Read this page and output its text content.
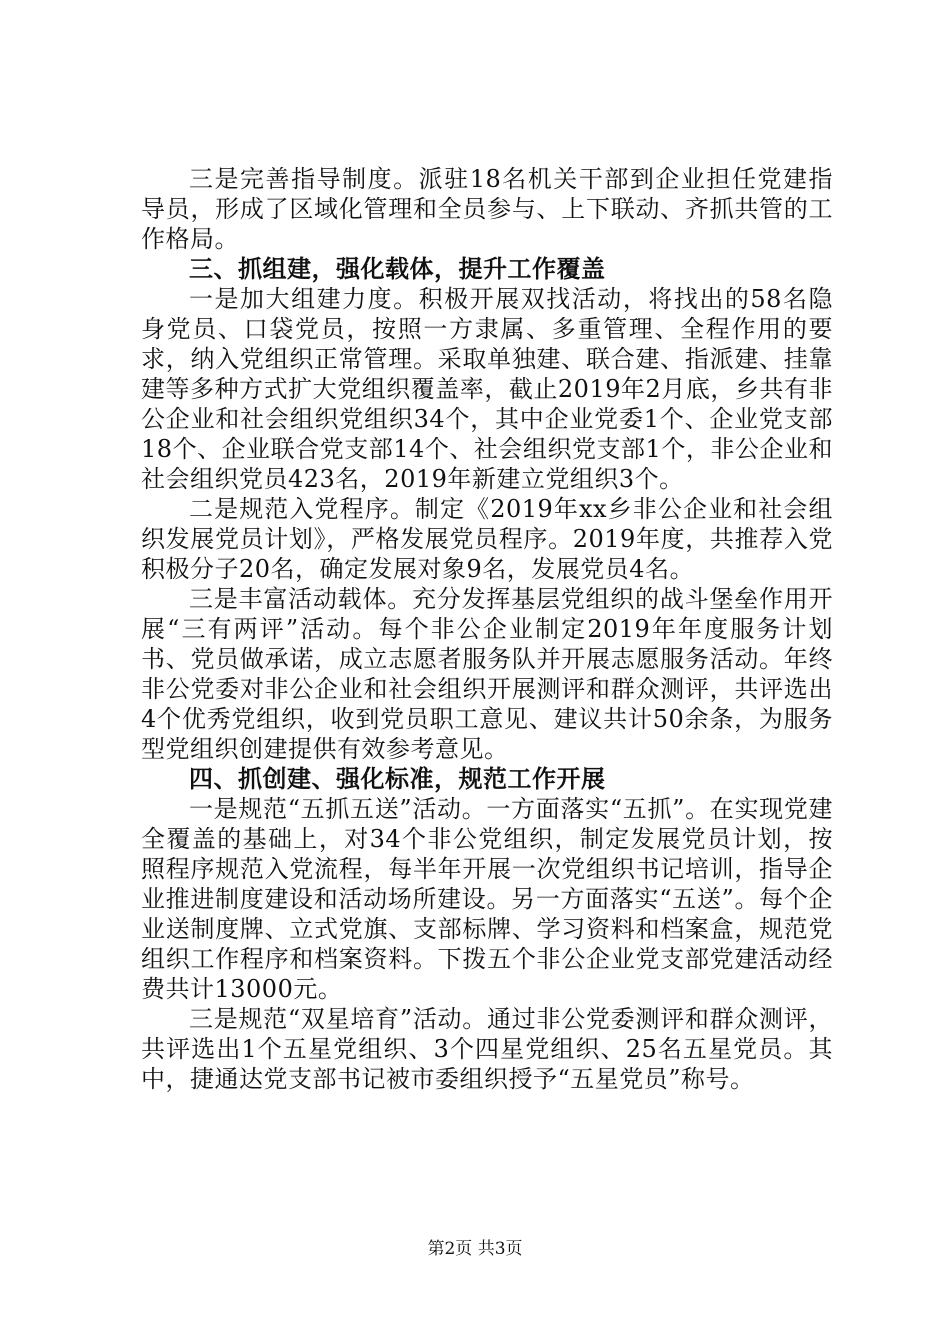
三是完善指导制度。派驻18名机关干部到企业担任党建指导员，形成了区域化管理和全员参与、上下联动、齐抓共管的工作格局。

三、抓组建，强化载体，提升工作覆盖

一是加大组建力度。积极开展双找活动，将找出的58名隐身党员、口袋党员，按照一方隶属、多重管理、全程作用的要求，纳入党组织正常管理。采取单独建、联合建、指派建、挂靠建等多种方式扩大党组织覆盖率，截止2019年2月底，乡共有非公企业和社会组织党组织34个，其中企业党委1个、企业党支部18个、企业联合党支部14个、社会组织党支部1个，非公企业和社会组织党员423名，2019年新建立党组织3个。

二是规范入党程序。制定《2019年xx乡非公企业和社会组织发展党员计划》，严格发展党员程序。2019年度，共推荐入党积极分子20名，确定发展对象9名，发展党员4名。

三是丰富活动载体。充分发挥基层党组织的战斗堡垒作用开展“三有两评”活动。每个非公企业制定2019年年度服务计划书、党员做承诺，成立志愿者服务队并开展志愿服务活动。年终非公党委对非公企业和社会组织开展测评和群众测评，共评选出4个优秀党组织，收到党员职工意见、建议共计50余条，为服务型党组织创建提供有效参考意见。

四、抓创建、强化标准，规范工作开展

一是规范“五抓五送”活动。一方面落实“五抓”。在实现党建全覆盖的基础上，对34个非公党组织，制定发展党员计划，按照程序规范入党流程，每半年开展一次党组织书记培训，指导企业推进制度建设和活动场所建设。另一方面落实“五送”。每个企业送制度牌、立式党旗、支部标牌、学习资料和档案盒，规范党组织工作程序和档案资料。下拨五个非公企业党支部党建活动经费共计13000元。

三是规范“双星培育”活动。通过非公党委测评和群众测评，共评选出1个五星党组织、3个四星党组织、25名五星党员。其中，捷通达党支部书记被市委组织授予“五星党员”称号。

第2页 共3页
